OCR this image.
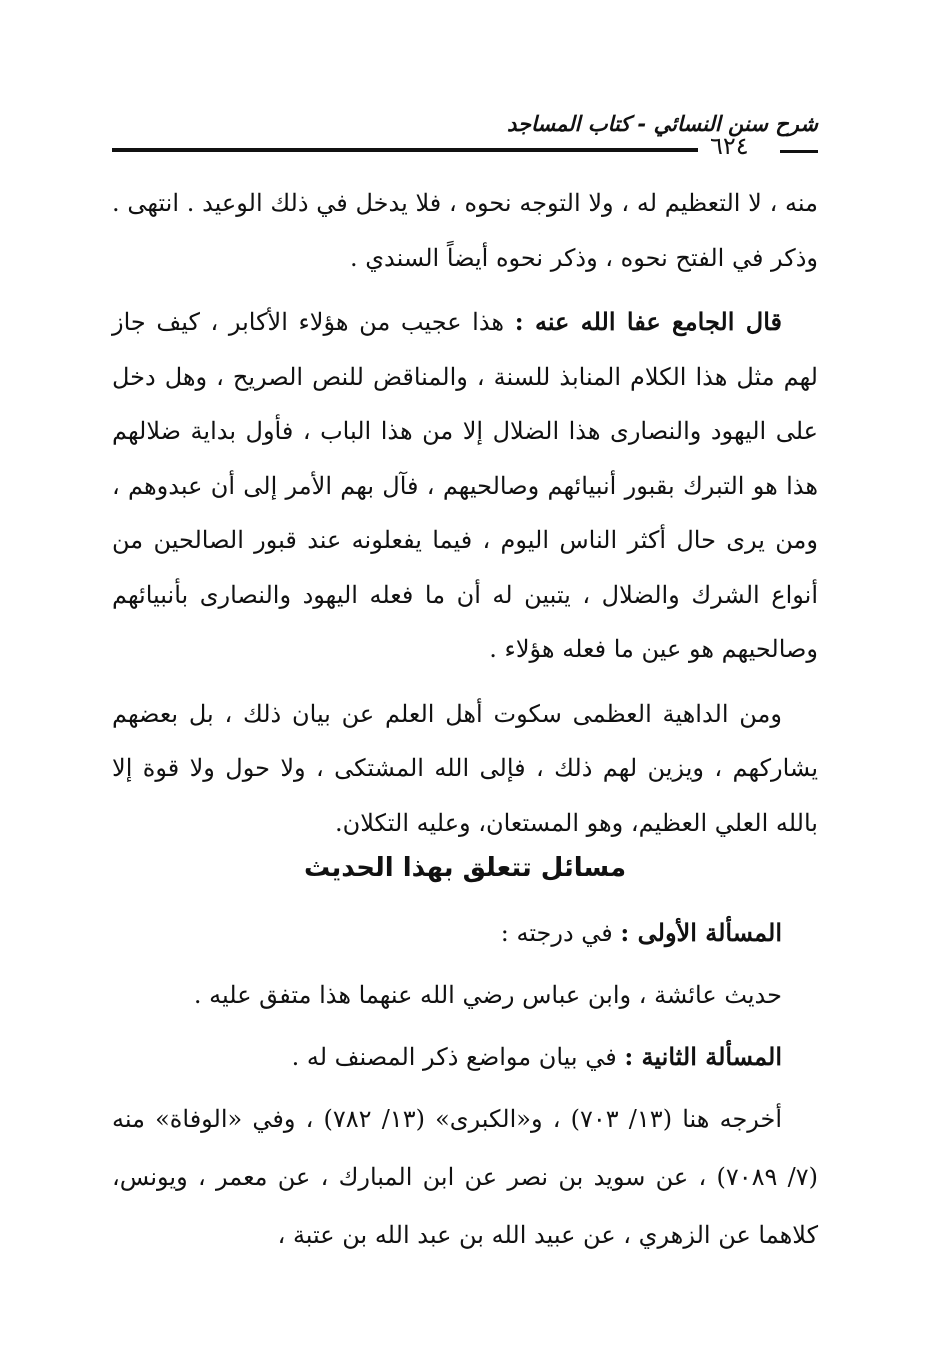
شرح سنن النسائي - كتاب المساجد
٦٢٤

منه ، لا التعظيم له ، ولا التوجه نحوه ، فلا يدخل في ذلك الوعيد . انتهى . وذكر في الفتح نحوه ، وذكر نحوه أيضاً السندي .

قال الجامع عفا الله عنه : هذا عجيب من هؤلاء الأكابر ، كيف جاز لهم مثل هذا الكلام المنابذ للسنة ، والمناقض للنص الصريح ، وهل دخل على اليهود والنصارى هذا الضلال إلا من هذا الباب ، فأول بداية ضلالهم هذا هو التبرك بقبور أنبيائهم وصالحيهم ، فآل بهم الأمر إلى أن عبدوهم ، ومن يرى حال أكثر الناس اليوم ، فيما يفعلونه عند قبور الصالحين من أنواع الشرك والضلال ، يتبين له أن ما فعله اليهود والنصارى بأنبيائهم وصالحيهم هو عين ما فعله هؤلاء .

ومن الداهية العظمى سكوت أهل العلم عن بيان ذلك ، بل بعضهم يشاركهم ، ويزين لهم ذلك ، فإلى الله المشتكى ، ولا حول ولا قوة إلا بالله العلي العظيم، وهو المستعان، وعليه التكلان.

مسائل تتعلق بهذا الحديث

المسألة الأولى : في درجته :

حديث عائشة ، وابن عباس رضي الله عنهما هذا متفق عليه .

المسألة الثانية : في بيان مواضع ذكر المصنف له .

أخرجه هنا (١٣/ ٧٠٣) ، و«الكبرى» (١٣/ ٧٨٢) ، وفي «الوفاة» منه (٧/ ٧٠٨٩) ، عن سويد بن نصر عن ابن المبارك ، عن معمر ، ويونس، كلاهما عن الزهري ، عن عبيد الله بن عبد الله بن عتبة ،
